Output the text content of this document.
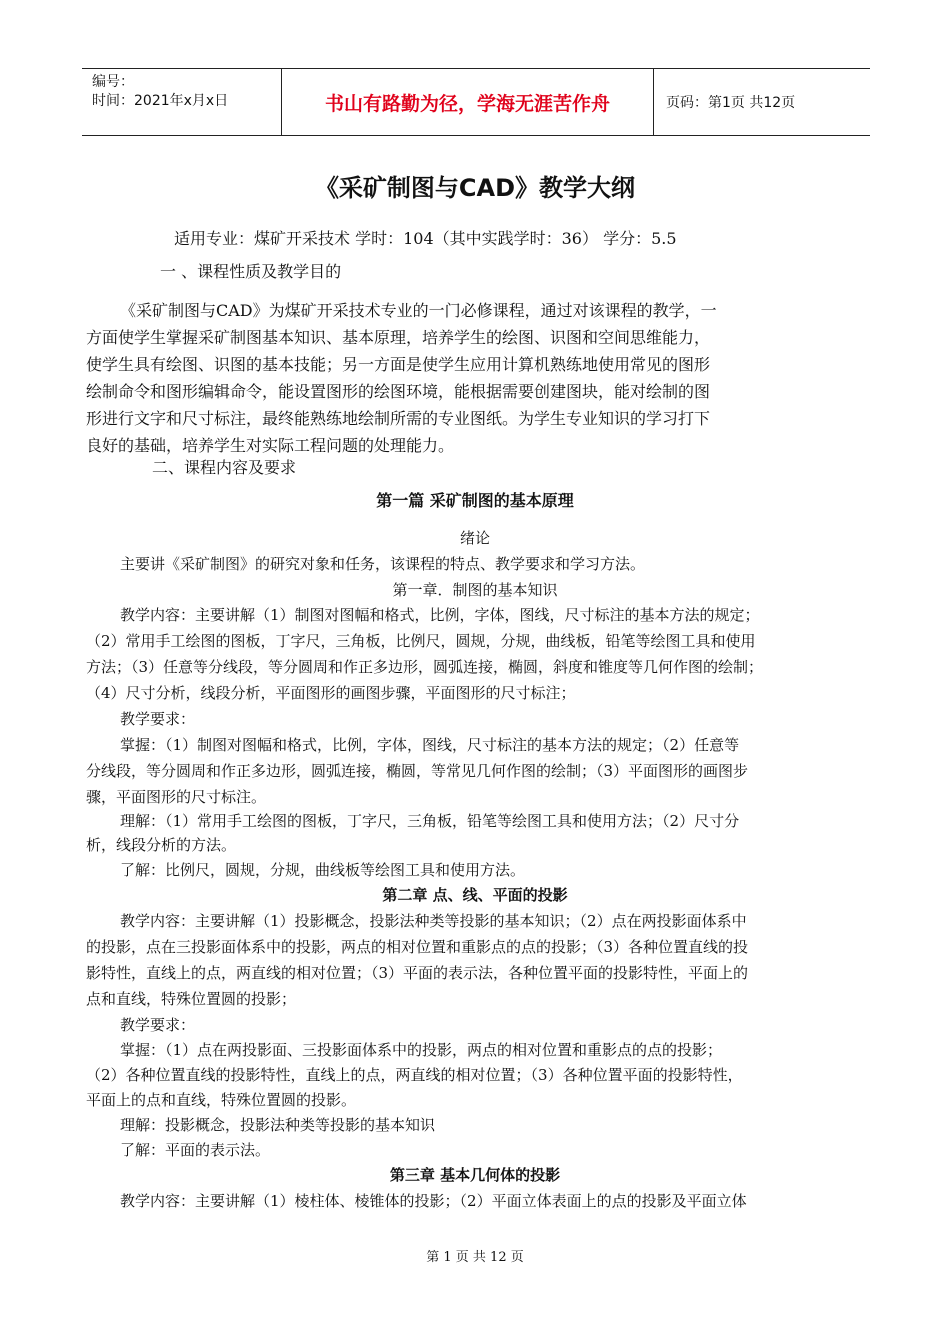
编号：
时间：2021年x月x日	书山有路勤为径，学海无涯苦作舟	页码：第1页 共12页
《采矿制图与CAD》教学大纲
适用专业：煤矿开采技术 学时：104（其中实践学时：36） 学分：5.5
一 、课程性质及教学目的
《采矿制图与CAD》为煤矿开采技术专业的一门必修课程，通过对该课程的教学，一
方面使学生掌握采矿制图基本知识、基本原理，培养学生的绘图、识图和空间思维能力，
使学生具有绘图、识图的基本技能；另一方面是使学生应用计算机熟练地使用常见的图形
绘制命令和图形编辑命令，能设置图形的绘图环境，能根据需要创建图块，能对绘制的图
形进行文字和尺寸标注，最终能熟练地绘制所需的专业图纸。为学生专业知识的学习打下
良好的基础，培养学生对实际工程问题的处理能力。
二、课程内容及要求
第一篇 采矿制图的基本原理
绪论
主要讲《采矿制图》的研究对象和任务，该课程的特点、教学要求和学习方法。
第一章．制图的基本知识
教学内容：主要讲解（1）制图对图幅和格式，比例，字体，图线，尺寸标注的基本方法的规定；
（2）常用手工绘图的图板，丁字尺，三角板，比例尺，圆规，分规，曲线板，铅笔等绘图工具和使用
方法；（3）任意等分线段，等分圆周和作正多边形，圆弧连接，椭圆，斜度和锥度等几何作图的绘制；
（4）尺寸分析，线段分析，平面图形的画图步骤，平面图形的尺寸标注；
教学要求：
掌握：（1）制图对图幅和格式，比例，字体，图线，尺寸标注的基本方法的规定；（2）任意等
分线段，等分圆周和作正多边形，圆弧连接，椭圆，等常见几何作图的绘制；（3）平面图形的画图步
骤，平面图形的尺寸标注。
理解：（1）常用手工绘图的图板，丁字尺，三角板，铅笔等绘图工具和使用方法；（2）尺寸分
析，线段分析的方法。
了解：比例尺，圆规，分规，曲线板等绘图工具和使用方法。
第二章 点、线、平面的投影
教学内容：主要讲解（1）投影概念，投影法种类等投影的基本知识；（2）点在两投影面体系中
的投影，点在三投影面体系中的投影，两点的相对位置和重影点的点的投影；（3）各种位置直线的投
影特性，直线上的点，两直线的相对位置；（3）平面的表示法，各种位置平面的投影特性，平面上的
点和直线，特殊位置圆的投影；
教学要求：
掌握：（1）点在两投影面、三投影面体系中的投影，两点的相对位置和重影点的点的投影；
（2）各种位置直线的投影特性，直线上的点，两直线的相对位置；（3）各种位置平面的投影特性，
平面上的点和直线，特殊位置圆的投影。
理解：投影概念，投影法种类等投影的基本知识
了解：平面的表示法。
第三章 基本几何体的投影
教学内容：主要讲解（1）棱柱体、棱锥体的投影；（2）平面立体表面上的点的投影及平面立体
第 1 页 共 12 页
